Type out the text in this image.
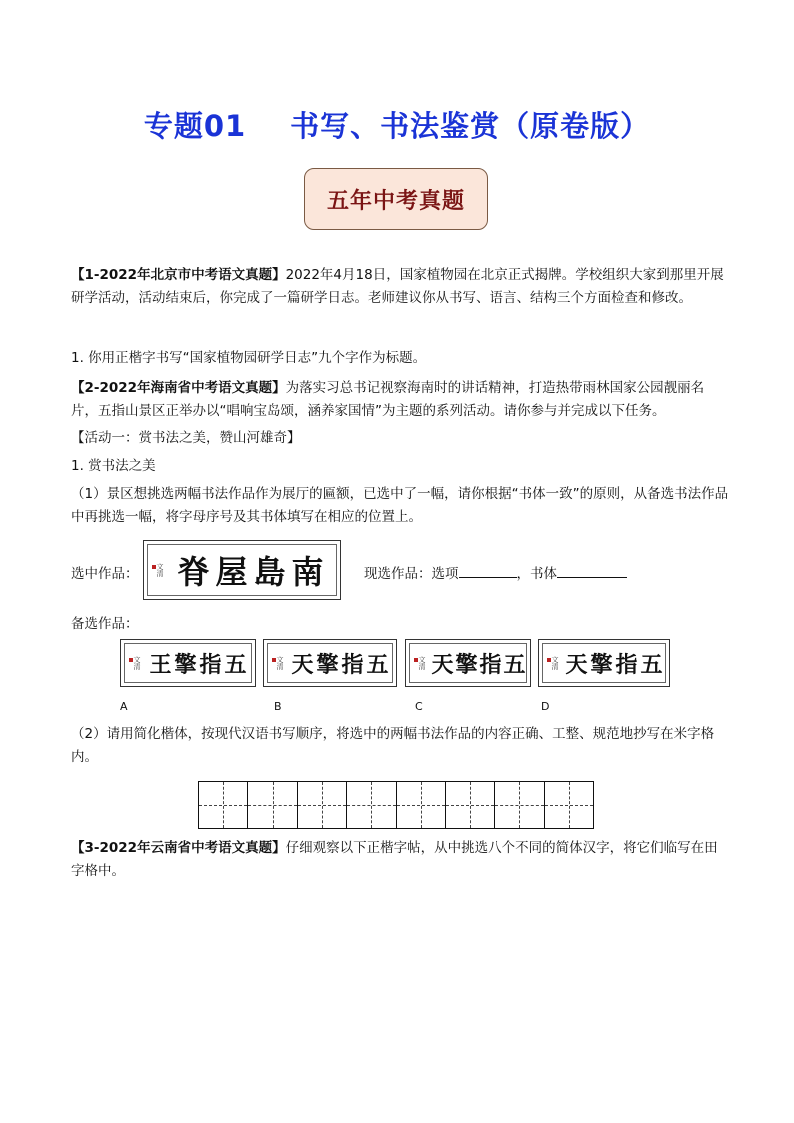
专题01 书写、书法鉴赏（原卷版）
五年中考真题

【1-2022年北京市中考语文真题】2022年4月18日，国家植物园在北京正式揭牌。学校组织大家到那里开展研学活动，活动结束后，你完成了一篇研学日志。老师建议你从书写、语言、结构三个方面检查和修改。

1. 你用正楷字书写“国家植物园研学日志”九个字作为标题。

【2-2022年海南省中考语文真题】为落实习总书记视察海南时的讲话精神，打造热带雨林国家公园靓丽名片，五指山景区正举办以“唱响宝岛颂，涵养家国情”为主题的系列活动。请你参与并完成以下任务。

【活动一：赏书法之美，赞山河雄奇】

1. 赏书法之美

（1）景区想挑选两幅书法作品作为展厅的匾额，已选中了一幅，请你根据“书体一致”的原则，从备选书法作品中再挑选一幅，将字母序号及其书体填写在相应的位置上。

选中作品：	文清 脊屋島南	现选作品：选项	，书体
备选作品：
文清 王擎指五	文清 天擎指五	文清 天擎指五	文清 天擎指五
A	B	C	D

（2）请用简化楷体，按现代汉语书写顺序，将选中的两幅书法作品的内容正确、工整、规范地抄写在米字格内。

【3-2022年云南省中考语文真题】仔细观察以下正楷字帖，从中挑选八个不同的简体汉字，将它们临写在田字格中。
